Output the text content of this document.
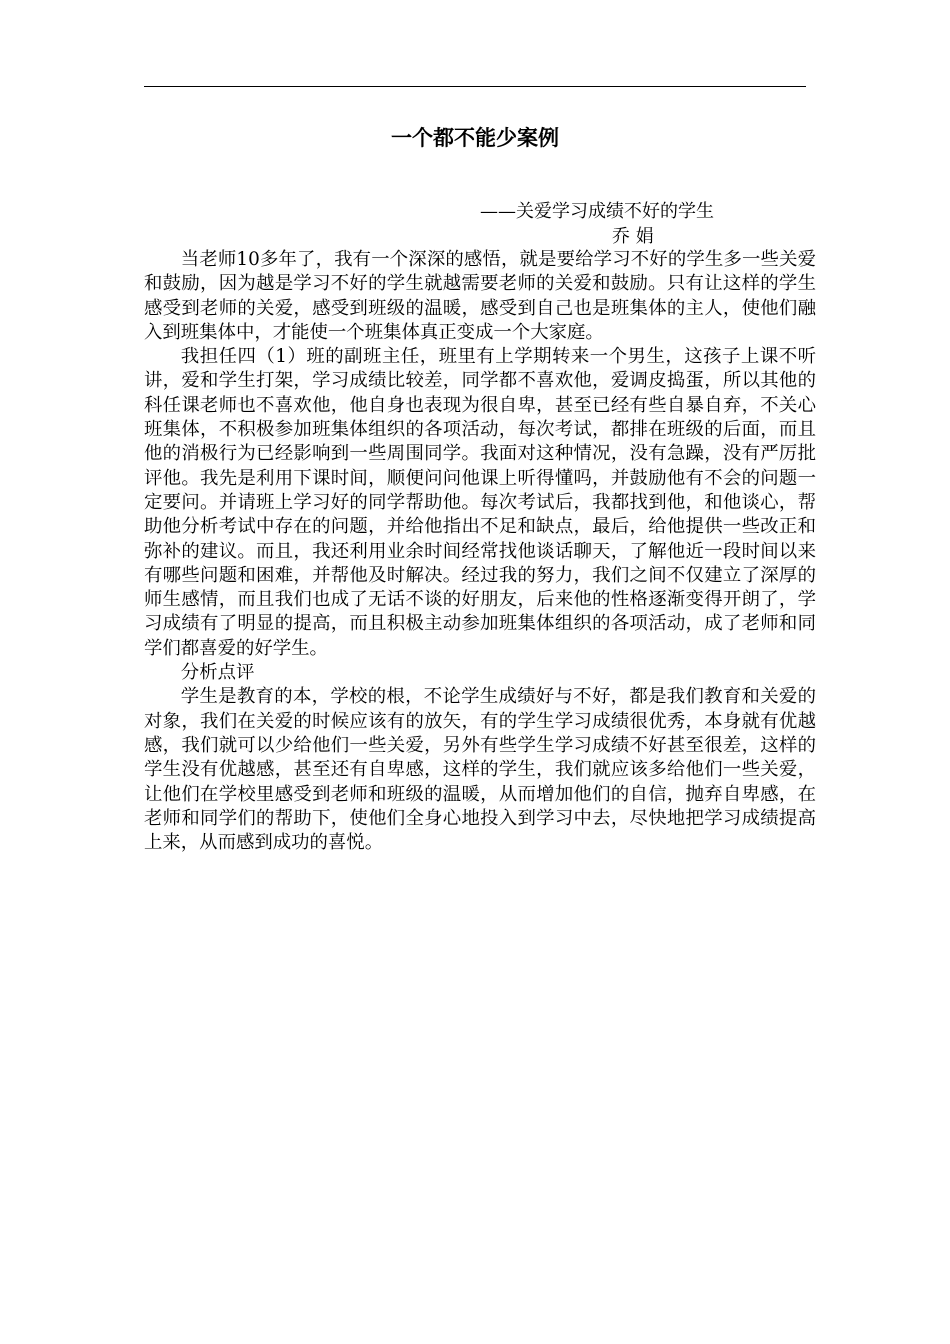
一个都不能少案例
——关爱学习成绩不好的学生
乔 娟

当老师10多年了，我有一个深深的感悟，就是要给学习不好的学生多一些关爱和鼓励，因为越是学习不好的学生就越需要老师的关爱和鼓励。只有让这样的学生感受到老师的关爱，感受到班级的温暖，感受到自己也是班集体的主人，使他们融入到班集体中，才能使一个班集体真正变成一个大家庭。

我担任四（1）班的副班主任，班里有上学期转来一个男生，这孩子上课不听讲，爱和学生打架，学习成绩比较差，同学都不喜欢他，爱调皮捣蛋，所以其他的科任课老师也不喜欢他，他自身也表现为很自卑，甚至已经有些自暴自弃，不关心班集体，不积极参加班集体组织的各项活动，每次考试，都排在班级的后面，而且他的消极行为已经影响到一些周围同学。我面对这种情况，没有急躁，没有严厉批评他。我先是利用下课时间，顺便问问他课上听得懂吗，并鼓励他有不会的问题一定要问。并请班上学习好的同学帮助他。每次考试后，我都找到他，和他谈心，帮助他分析考试中存在的问题，并给他指出不足和缺点，最后，给他提供一些改正和弥补的建议。而且，我还利用业余时间经常找他谈话聊天，了解他近一段时间以来有哪些问题和困难，并帮他及时解决。经过我的努力，我们之间不仅建立了深厚的师生感情，而且我们也成了无话不谈的好朋友，后来他的性格逐渐变得开朗了，学习成绩有了明显的提高，而且积极主动参加班集体组织的各项活动，成了老师和同学们都喜爱的好学生。

分析点评

学生是教育的本，学校的根，不论学生成绩好与不好，都是我们教育和关爱的对象，我们在关爱的时候应该有的放矢，有的学生学习成绩很优秀，本身就有优越感，我们就可以少给他们一些关爱，另外有些学生学习成绩不好甚至很差，这样的学生没有优越感，甚至还有自卑感，这样的学生，我们就应该多给他们一些关爱，让他们在学校里感受到老师和班级的温暖，从而增加他们的自信，抛弃自卑感，在老师和同学们的帮助下，使他们全身心地投入到学习中去，尽快地把学习成绩提高上来，从而感到成功的喜悦。
